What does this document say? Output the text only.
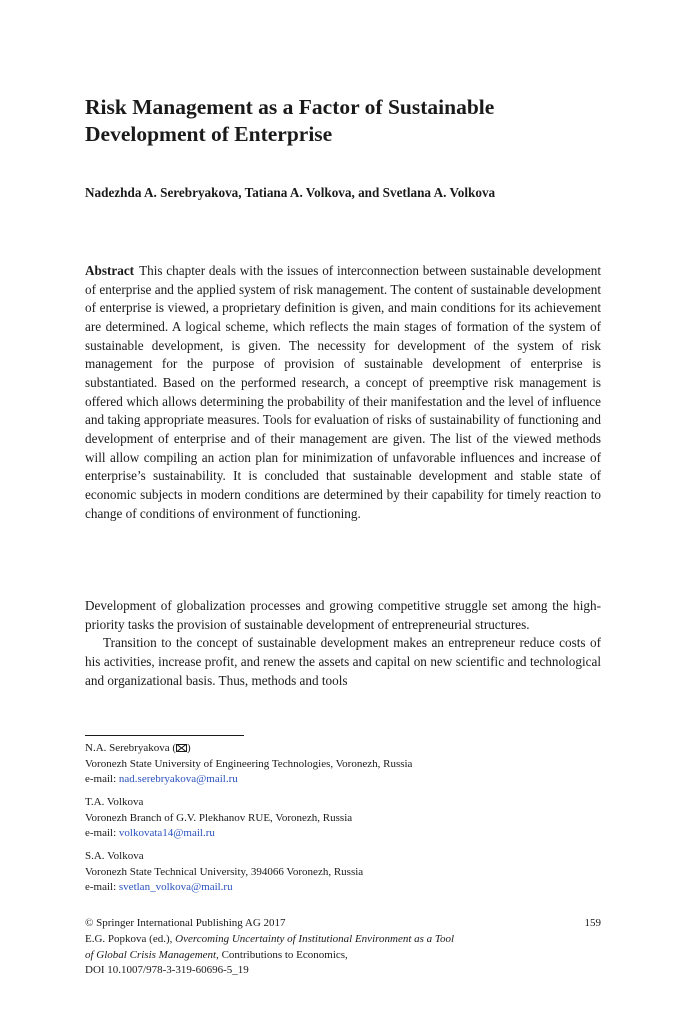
Risk Management as a Factor of Sustainable Development of Enterprise

Nadezhda A. Serebryakova, Tatiana A. Volkova, and Svetlana A. Volkova

Abstract This chapter deals with the issues of interconnection between sustainable development of enterprise and the applied system of risk management. The content of sustainable development of enterprise is viewed, a proprietary definition is given, and main conditions for its achievement are determined. A logical scheme, which reflects the main stages of formation of the system of sustainable development, is given. The necessity for development of the system of risk management for the purpose of provision of sustainable development of enterprise is substantiated. Based on the performed research, a concept of preemptive risk management is offered which allows determining the probability of their manifestation and the level of influence and taking appropriate measures. Tools for evaluation of risks of sustainability of functioning and development of enterprise and of their management are given. The list of the viewed methods will allow compiling an action plan for minimization of unfavorable influences and increase of enterprise’s sustainability. It is concluded that sustainable development and stable state of economic subjects in modern conditions are determined by their capability for timely reaction to change of conditions of environment of functioning.

Development of globalization processes and growing competitive struggle set among the high-priority tasks the provision of sustainable development of entrepreneurial structures.

Transition to the concept of sustainable development makes an entrepreneur reduce costs of his activities, increase profit, and renew the assets and capital on new scientific and technological and organizational basis. Thus, methods and tools

N.A. Serebryakova ( )
Voronezh State University of Engineering Technologies, Voronezh, Russia
e-mail: nad.serebryakova@mail.ru
T.A. Volkova
Voronezh Branch of G.V. Plekhanov RUE, Voronezh, Russia
e-mail: volkovata14@mail.ru
S.A. Volkova
Voronezh State Technical University, 394066 Voronezh, Russia
e-mail: svetlan_volkova@mail.ru
© Springer International Publishing AG 2017	159
E.G. Popkova (ed.), Overcoming Uncertainty of Institutional Environment as a Tool
of Global Crisis Management, Contributions to Economics,
DOI 10.1007/978-3-319-60696-5_19
